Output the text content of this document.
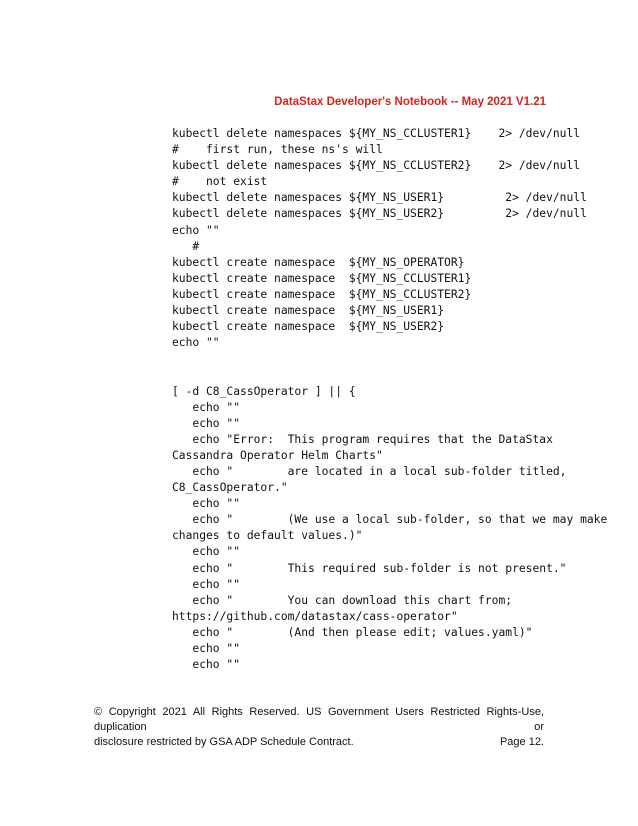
DataStax Developer's Notebook -- May 2021 V1.21
kubectl delete namespaces ${MY_NS_CCLUSTER1}    2> /dev/null
#    first run, these ns's will
kubectl delete namespaces ${MY_NS_CCLUSTER2}    2> /dev/null
#    not exist
kubectl delete namespaces ${MY_NS_USER1}         2> /dev/null
kubectl delete namespaces ${MY_NS_USER2}         2> /dev/null
echo ""
#
kubectl create namespace  ${MY_NS_OPERATOR}
kubectl create namespace  ${MY_NS_CCLUSTER1}
kubectl create namespace  ${MY_NS_CCLUSTER2}
kubectl create namespace  ${MY_NS_USER1}
kubectl create namespace  ${MY_NS_USER2}
echo ""
[ -d C8_CassOperator ] || {
echo ""
echo ""
echo "Error:  This program requires that the DataStax
Cassandra Operator Helm Charts"
echo "        are located in a local sub-folder titled,
C8_CassOperator."
echo ""
echo "        (We use a local sub-folder, so that we may make
changes to default values.)"
echo ""
echo "        This required sub-folder is not present."
echo ""
echo "        You can download this chart from;
https://github.com/datastax/cass-operator"
echo "        (And then please edit; values.yaml)"
echo ""
echo ""
© Copyright 2021 All Rights Reserved. US Government Users Restricted Rights-Use, duplication or
disclosure restricted by GSA ADP Schedule Contract.	Page 12.
